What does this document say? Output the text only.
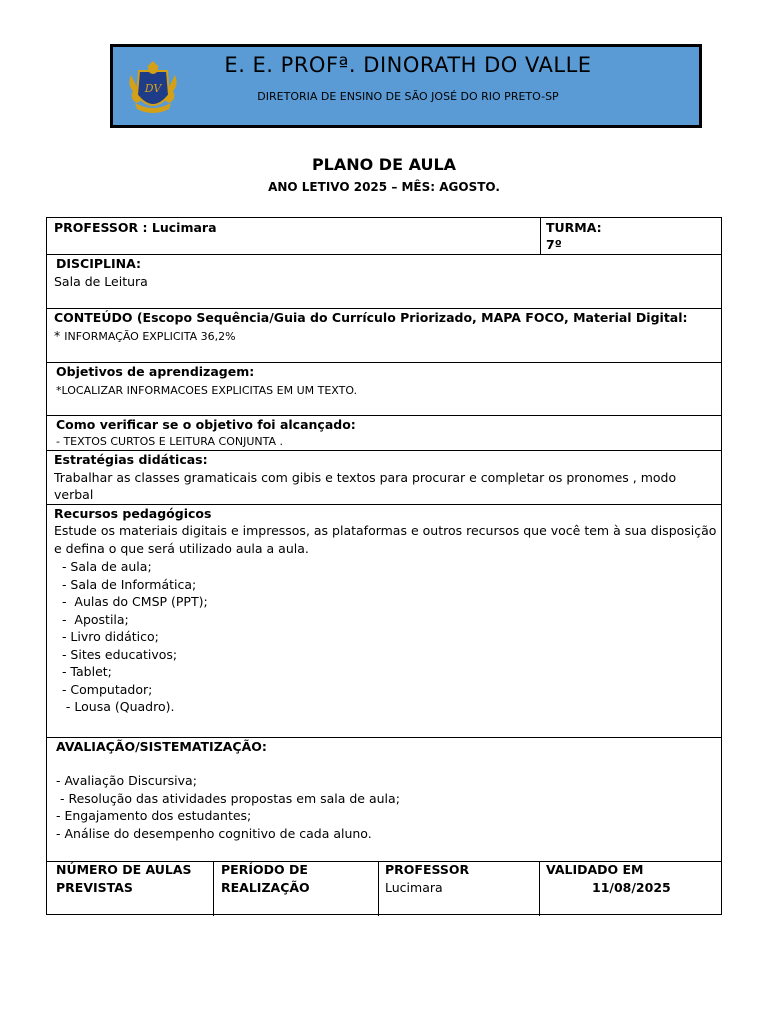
DV
E. E. PROFª. DINORATH DO VALLE
DIRETORIA DE ENSINO DE SÃO JOSÉ DO RIO PRETO-SP
PLANO DE AULA
ANO LETIVO 2025 – MÊS: AGOSTO.
PROFESSOR : Lucimara	TURMA:
7º
DISCIPLINA:
Sala de Leitura
CONTEÚDO (Escopo Sequência/Guia do Currículo Priorizado, MAPA FOCO, Material Digital:
* INFORMAÇÃO EXPLICITA 36,2%
Objetivos de aprendizagem:
*LOCALIZAR INFORMACOES EXPLICITAS EM UM TEXTO.
Como verificar se o objetivo foi alcançado:
- TEXTOS CURTOS E LEITURA CONJUNTA .
Estratégias didáticas:
Trabalhar as classes gramaticais com gibis e textos para procurar e completar os pronomes , modo
verbal
Recursos pedagógicos
Estude os materiais digitais e impressos, as plataformas e outros recursos que você tem à sua disposição
e defina o que será utilizado aula a aula.
- Sala de aula;
- Sala de Informática;
-  Aulas do CMSP (PPT);
-  Apostila;
- Livro didático;
- Sites educativos;
- Tablet;
- Computador;
- Lousa (Quadro).
AVALIAÇÃO/SISTEMATIZAÇÃO:
- Avaliação Discursiva;
- Resolução das atividades propostas em sala de aula;
- Engajamento dos estudantes;
- Análise do desempenho cognitivo de cada aluno.
NÚMERO DE AULAS
PREVISTAS
PERÍODO DE
REALIZAÇÃO
PROFESSOR
Lucimara
VALIDADO EM
11/08/2025
